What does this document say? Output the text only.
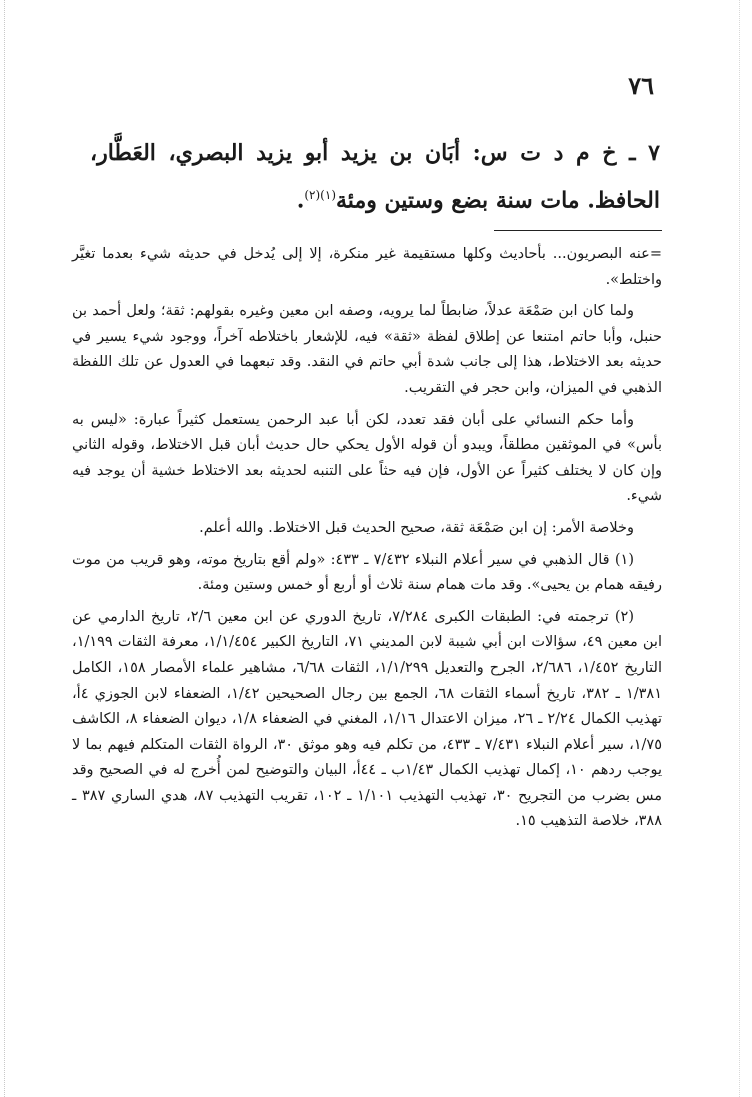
٧٦
٧ ـ خ م د ت س: أبَان بن يزيد أبو يزيد البصري، العَطَّار، الحافظ. مات سنة بضع وستين ومئة$^{(١)(٢)}$.

=عنه البصريون... بأحاديث وكلها مستقيمة غير منكرة، إلا إلى يُدخل في حديثه شيء بعدما تغيَّر واختلط».

ولما كان ابن صَمْعَة عدلاً، ضابطاً لما يرويه، وصفه ابن معين وغيره بقولهم: ثقة؛ ولعل أحمد بن حنبل، وأبا حاتم امتنعا عن إطلاق لفظة «ثقة» فيه، للإشعار باختلاطه آخراً، ووجود شيء يسير في حديثه بعد الاختلاط، هذا إلى جانب شدة أبي حاتم في النقد. وقد تبعهما في العدول عن تلك اللفظة الذهبي في الميزان، وابن حجر في التقريب.

وأما حكم النسائي على أبان فقد تعدد، لكن أبا عبد الرحمن يستعمل كثيراً عبارة: «ليس به بأس» في الموثقين مطلقاً، ويبدو أن قوله الأول يحكي حال حديث أبان قبل الاختلاط، وقوله الثاني وإن كان لا يختلف كثيراً عن الأول، فإن فيه حثاً على التنبه لحديثه بعد الاختلاط خشية أن يوجد فيه شيء.

وخلاصة الأمر: إن ابن صَمْعَة ثقة، صحيح الحديث قبل الاختلاط. والله أعلم.

(١) قال الذهبي في سير أعلام النبلاء ٧/٤٣٢ ـ ٤٣٣: «ولم أقع بتاريخ موته، وهو قريب من موت رفيقه همام بن يحيى». وقد مات همام سنة ثلاث أو أربع أو خمس وستين ومئة.

(٢) ترجمته في: الطبقات الكبرى ٧/٢٨٤، تاريخ الدوري عن ابن معين ٢/٦، تاريخ الدارمي عن ابن معين ٤٩، سؤالات ابن أبي شيبة لابن المديني ٧١، التاريخ الكبير ١/١/٤٥٤، معرفة الثقات ١/١٩٩، التاريخ ١/٤٥٢، ٢/٦٨٦، الجرح والتعديل ١/١/٢٩٩، الثقات ٦/٦٨، مشاهير علماء الأمصار ١٥٨، الكامل ١/٣٨١ ـ ٣٨٢، تاريخ أسماء الثقات ٦٨، الجمع بين رجال الصحيحين ١/٤٢، الضعفاء لابن الجوزي ٤أ، تهذيب الكمال ٢/٢٤ ـ ٢٦، ميزان الاعتدال ١/١٦، المغني في الضعفاء ١/٨، ديوان الضعفاء ٨، الكاشف ١/٧٥، سير أعلام النبلاء ٧/٤٣١ ـ ٤٣٣، من تكلم فيه وهو موثق ٣٠، الرواة الثقات المتكلم فيهم بما لا يوجب ردهم ١٠، إكمال تهذيب الكمال ١/٤٣ب ـ ٤٤أ، البيان والتوضيح لمن أُخرج له في الصحيح وقد مس بضرب من التجريح ٣٠، تهذيب التهذيب ١/١٠١ ـ ١٠٢، تقريب التهذيب ٨٧، هدي الساري ٣٨٧ ـ ٣٨٨، خلاصة التذهيب ١٥.
